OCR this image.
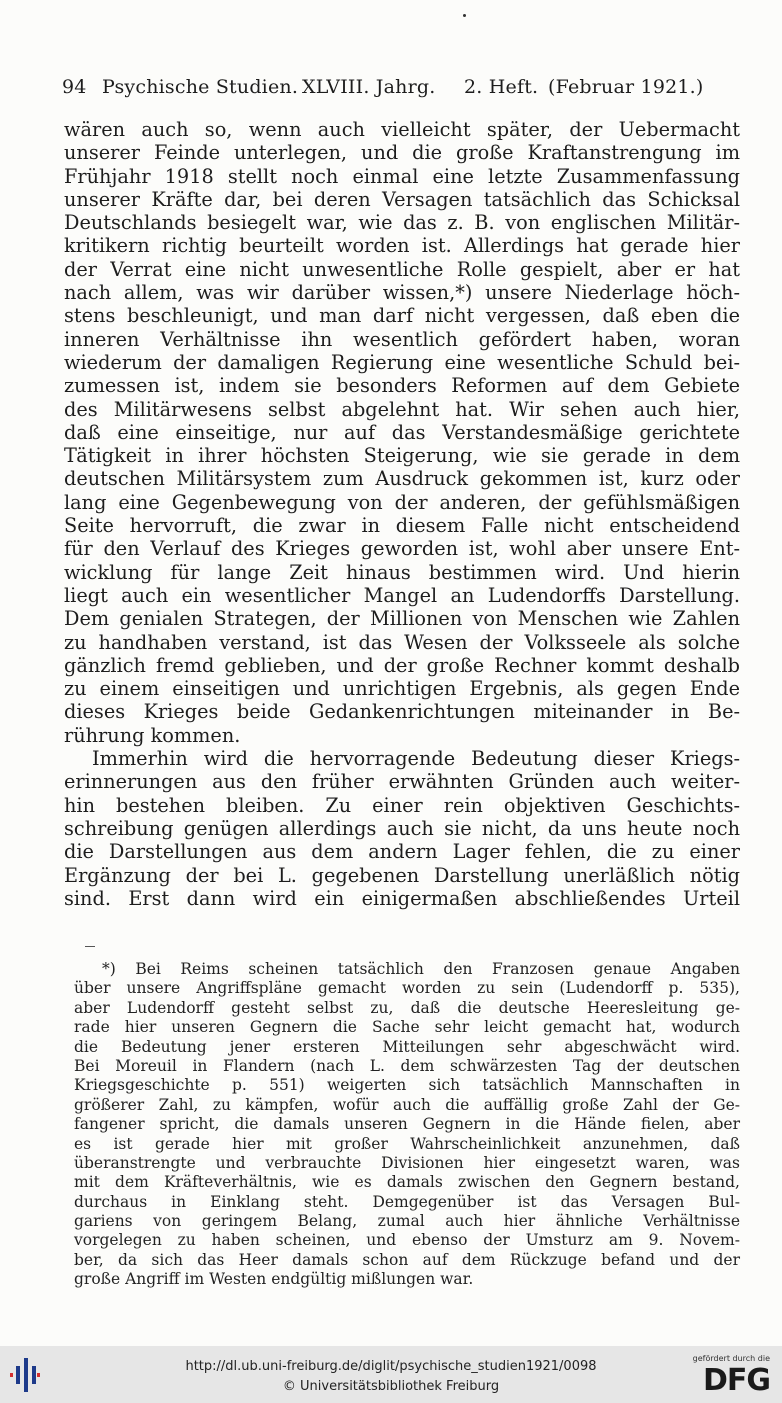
94 Psychische Studien. XLVIII. Jahrg. 2. Heft. (Februar 1921.)
wären auch so, wenn auch vielleicht später, der Uebermacht
unserer Feinde unterlegen, und die große Kraftanstrengung im
Frühjahr 1918 stellt noch einmal eine letzte Zusammenfassung
unserer Kräfte dar, bei deren Versagen tatsächlich das Schicksal
Deutschlands besiegelt war, wie das z. B. von englischen Militär-
kritikern richtig beurteilt worden ist. Allerdings hat gerade hier
der Verrat eine nicht unwesentliche Rolle gespielt, aber er hat
nach allem, was wir darüber wissen,*) unsere Niederlage höch-
stens beschleunigt, und man darf nicht vergessen, daß eben die
inneren Verhältnisse ihn wesentlich gefördert haben, woran
wiederum der damaligen Regierung eine wesentliche Schuld bei-
zumessen ist, indem sie besonders Reformen auf dem Gebiete
des Militärwesens selbst abgelehnt hat. Wir sehen auch hier,
daß eine einseitige, nur auf das Verstandesmäßige gerichtete
Tätigkeit in ihrer höchsten Steigerung, wie sie gerade in dem
deutschen Militärsystem zum Ausdruck gekommen ist, kurz oder
lang eine Gegenbewegung von der anderen, der gefühlsmäßigen
Seite hervorruft, die zwar in diesem Falle nicht entscheidend
für den Verlauf des Krieges geworden ist, wohl aber unsere Ent-
wicklung für lange Zeit hinaus bestimmen wird. Und hierin
liegt auch ein wesentlicher Mangel an Ludendorffs Darstellung.
Dem genialen Strategen, der Millionen von Menschen wie Zahlen
zu handhaben verstand, ist das Wesen der Volksseele als solche
gänzlich fremd geblieben, und der große Rechner kommt deshalb
zu einem einseitigen und unrichtigen Ergebnis, als gegen Ende
dieses Krieges beide Gedankenrichtungen miteinander in Be-
rührung kommen.
Immerhin wird die hervorragende Bedeutung dieser Kriegs-
erinnerungen aus den früher erwähnten Gründen auch weiter-
hin bestehen bleiben. Zu einer rein objektiven Geschichts-
schreibung genügen allerdings auch sie nicht, da uns heute noch
die Darstellungen aus dem andern Lager fehlen, die zu einer
Ergänzung der bei L. gegebenen Darstellung unerläßlich nötig
sind. Erst dann wird ein einigermaßen abschließendes Urteil
*) Bei Reims scheinen tatsächlich den Franzosen genaue Angaben
über unsere Angriffspläne gemacht worden zu sein (Ludendorff p. 535),
aber Ludendorff gesteht selbst zu, daß die deutsche Heeresleitung ge-
rade hier unseren Gegnern die Sache sehr leicht gemacht hat, wodurch
die Bedeutung jener ersteren Mitteilungen sehr abgeschwächt wird.
Bei Moreuil in Flandern (nach L. dem schwärzesten Tag der deutschen
Kriegsgeschichte p. 551) weigerten sich tatsächlich Mannschaften in
größerer Zahl, zu kämpfen, wofür auch die auffällig große Zahl der Ge-
fangener spricht, die damals unseren Gegnern in die Hände fielen, aber
es ist gerade hier mit großer Wahrscheinlichkeit anzunehmen, daß
überanstrengte und verbrauchte Divisionen hier eingesetzt waren, was
mit dem Kräfteverhältnis, wie es damals zwischen den Gegnern bestand,
durchaus in Einklang steht. Demgegenüber ist das Versagen Bul-
gariens von geringem Belang, zumal auch hier ähnliche Verhältnisse
vorgelegen zu haben scheinen, und ebenso der Umsturz am 9. Novem-
ber, da sich das Heer damals schon auf dem Rückzuge befand und der
große Angriff im Westen endgültig mißlungen war.
http://dl.ub.uni-freiburg.de/diglit/psychische_studien1921/0098
© Universitätsbibliothek Freiburg
gefördert durch die
DFG
